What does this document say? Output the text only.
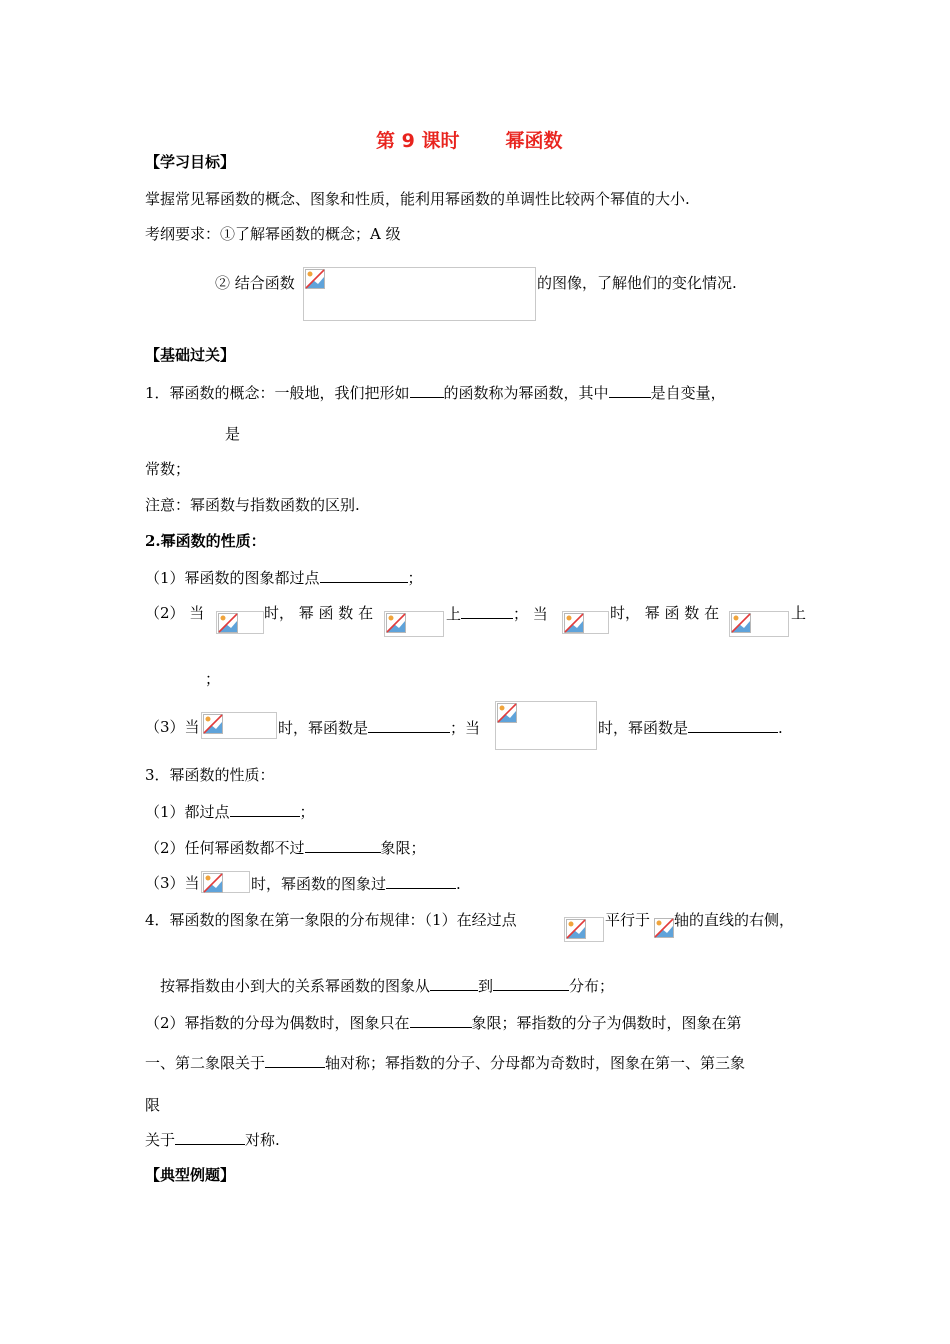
第 9 课时 幂函数
【学习目标】
掌握常见幂函数的概念、图象和性质，能利用幂函数的单调性比较两个幂值的大小.
考纲要求：①了解幂函数的概念；A 级
② 结合函数	的图像，了解他们的变化情况.
【基础过关】
1．幂函数的概念：一般地，我们把形如 的函数称为幂函数，其中	是自变量，
是
常数；
注意：幂函数与指数函数的区别.
2.幂函数的性质：
（1）幂函数的图象都过点	；
（2） 当	时， 幂 函 数 在	上	； 当	时， 幂 函 数 在	上
；
（3）当	时，幂函数是	；当	时，幂函数是	.
3．幂函数的性质：
（1）都过点	；
（2）任何幂函数都不过	象限；
（3）当	时，幂函数的图象过	.
4．幂函数的图象在第一象限的分布规律：（1）在经过点	平行于 轴的直线的右侧，
按幂指数由小到大的关系幂函数的图象从	到	分布；
（2）幂指数的分母为偶数时，图象只在	象限；幂指数的分子为偶数时，图象在第
一、第二象限关于	轴对称；幂指数的分子、分母都为奇数时，图象在第一、第三象
限
关于	对称.
【典型例题】
